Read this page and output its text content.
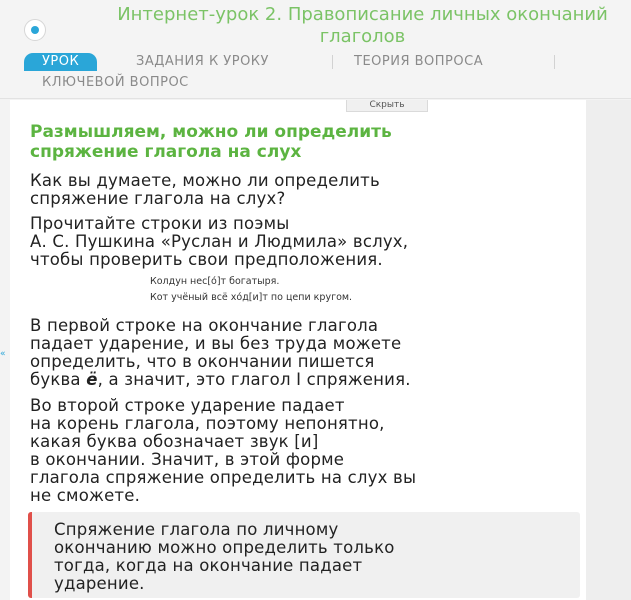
Интернет-урок 2. Правописание личных окончаний глаголов
УРОК	ЗАДАНИЯ К УРОКУ	ТЕОРИЯ ВОПРОСА
КЛЮЧЕВОЙ ВОПРОС
«
Скрыть
Размышляем, можно ли определить
спряжение глагола на слух
Как вы думаете, можно ли определить
спряжение глагола на слух?
Прочитайте строки из поэмы
А. С. Пушкина «Руслан и Людмила» вслух,
чтобы проверить свои предположения.
Колдун нес[о́]т богатыря.
Кот учёный всё хо́д[и]т по цепи кругом.
В первой строке на окончание глагола
падает ударение, и вы без труда можете
определить, что в окончании пишется
буква ё, а значит, это глагол I спряжения.
Во второй строке ударение падает
на корень глагола, поэтому непонятно,
какая буква обозначает звук [и]
в окончании. Значит, в этой форме
глагола спряжение определить на слух вы
не сможете.
Спряжение глагола по личному
окончанию можно определить только
тогда, когда на окончание падает
ударение.
